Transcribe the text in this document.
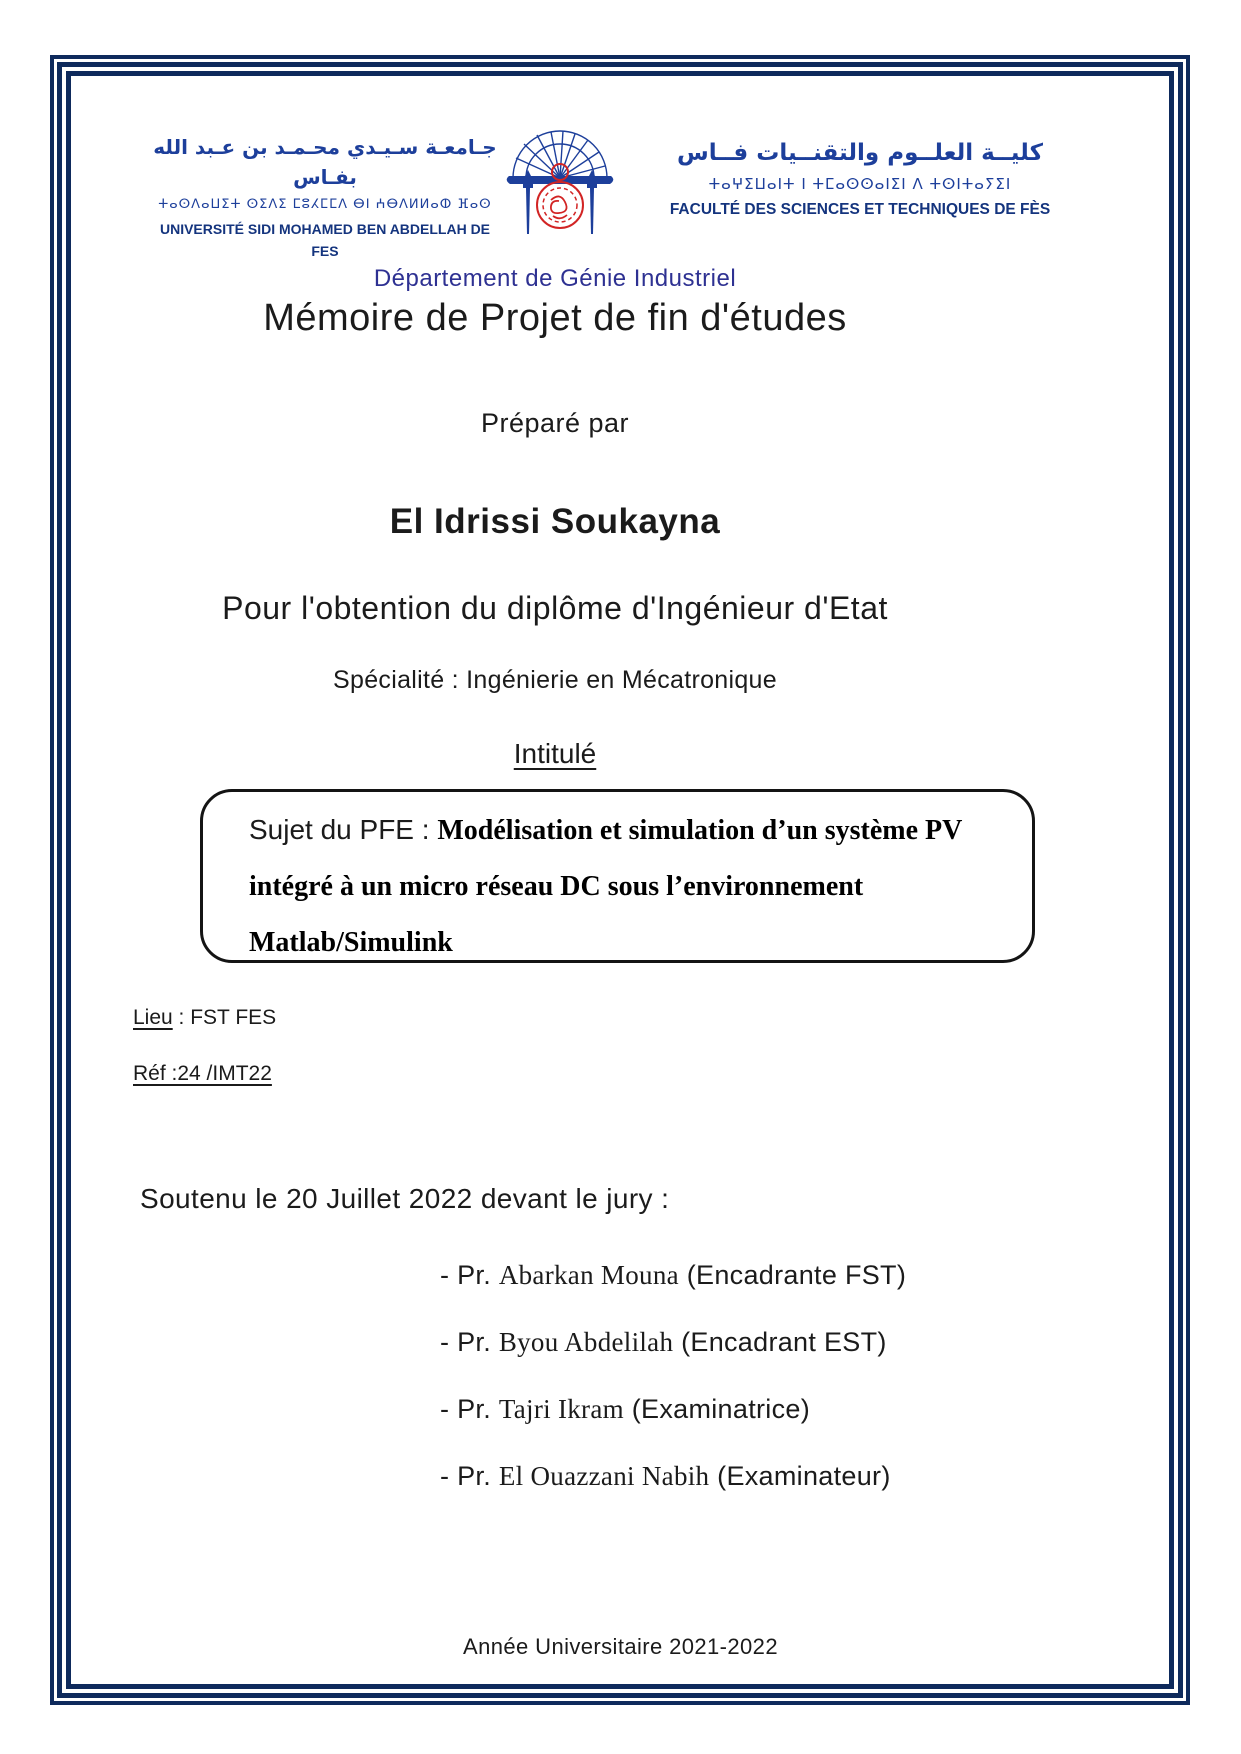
جـامعـة سـيـدي محـمـد بن عـبد الله بفـاس
ⵜⴰⵙⴷⴰⵡⵉⵜ ⵙⵉⴷⵉ ⵎⵓⵃⵎⵎⴷ ⴱⵏ ⵄⴱⴷⵍⵍⴰⵀ ⴼⴰⵙ
UNIVERSITÉ SIDI MOHAMED BEN ABDELLAH DE FES
كليــة العلــوم والتقنــيات فــاس
ⵜⴰⵖⵉⵡⴰⵏⵜ ⵏ ⵜⵎⴰⵙⵙⴰⵏⵉⵏ ⴷ ⵜⵙⵏⵜⴰⵢⵉⵏ
FACULTÉ DES SCIENCES ET TECHNIQUES DE FÈS
Département de Génie Industriel
Mémoire de Projet de fin d'études
Préparé par
El Idrissi Soukayna
Pour l'obtention du diplôme d'Ingénieur d'Etat
Spécialité : Ingénierie en Mécatronique
Intitulé
Sujet du PFE : Modélisation et simulation d’un système PV intégré à un micro réseau DC sous l’environnement Matlab/Simulink
Lieu : FST FES
Réf :24 /IMT22
Soutenu le 20 Juillet 2022 devant le jury :
- Pr. Abarkan Mouna (Encadrante FST)
- Pr. Byou Abdelilah (Encadrant EST)
- Pr. Tajri Ikram (Examinatrice)
- Pr. El Ouazzani Nabih (Examinateur)
Année Universitaire 2021-2022
